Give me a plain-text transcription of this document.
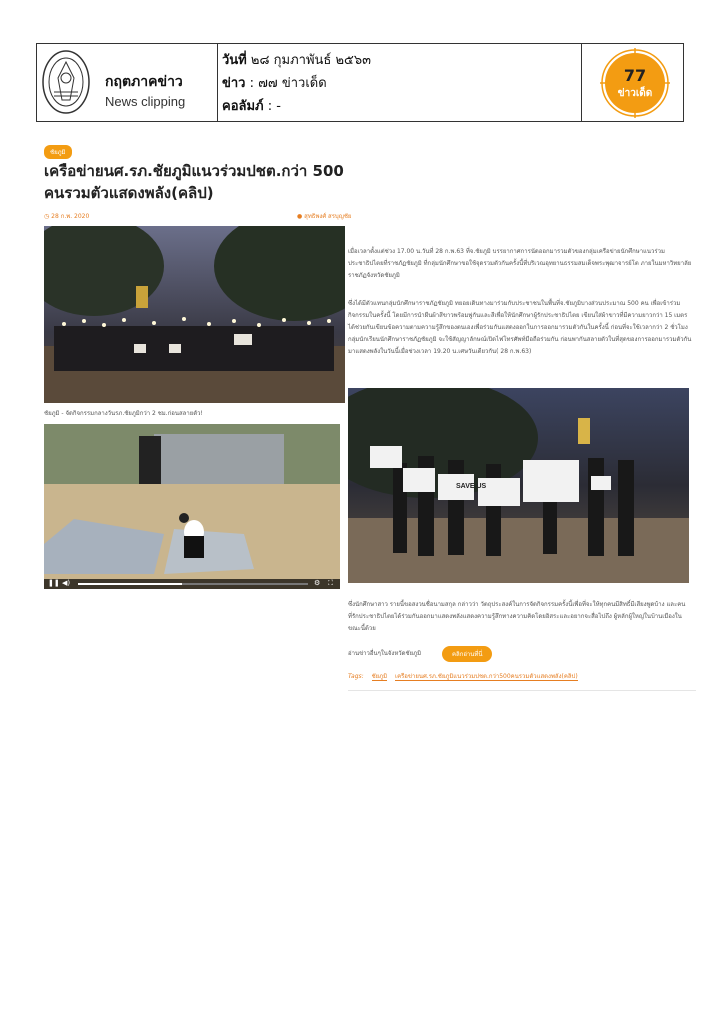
กฤตภาคข่าว
News clipping
วันที่ ๒๘ กุมภาพันธ์ ๒๕๖๓
ข่าว : ๗๗ ข่าวเด็ด
คอลัมภ์ : -
77
ข่าวเด็ด
ชัยภูมิ
เครือข่ายนศ.รภ.ชัยภูมิแนวร่วมปชต.กว่า 500 คนรวมตัวแสดงพลัง(คลิป)
◷ 28 ก.พ. 2020	● สุทธิพงศ์ สรบุญชัย
ชัยภูมิ - จัดกิจกรรมกลางวันรภ.ชัยภูมิกว่า 2 ชม.ก่อนสลายตัว!
❚❚ ◀)	⚙ ⛶
เมื่อเวลาตั้งแต่ช่วง 17.00 น.วันที่ 28 ก.พ.63 ที่จ.ชัยภูมิ บรรยากาศการนัดออกมารวมตัวของกลุ่มเครือข่ายนักศึกษาแนวร่วมประชาธิปไตยที่ราชภัฏชัยภูมิ ที่กลุ่มนักศึกษาขอใช้จุดรวมตัวกันครั้งนี้ที่บริเวณอุทยานธรรมสมเด็จพระพุฒาจารย์โต ภายในมหาวิทยาลัยราชภัฏจังหวัดชัยภูมิ
ซึ่งได้มีตัวแทนกลุ่มนักศึกษาราชภัฏชัยภูมิ ทยอยเดินทางมาร่วมกับประชาชนในพื้นที่จ.ชัยภูมิบางส่วนประมาณ 500 คน เพื่อเข้าร่วมกิจกรรมในครั้งนี้ โดยมีการนำผืนผ้าสีขาวพร้อมพู่กันและสีเพื่อให้นักศึกษาผู้รักประชาธิปไตย เขียนใส่ผ้าขาวที่มีความยาวกว่า 15 เมตร ได้ช่วยกันเขียนข้อความตามความรู้สึกของตนเองเพื่อร่วมกันแสดงออกในการออกมารวมตัวกันในครั้งนี้ ก่อนที่จะใช้เวลากว่า 2 ชั่วโมง กลุ่มนักเรียนนักศึกษาราชภัฏชัยภูมิ จะใช้สัญญาลักษณ์เปิดไฟโทรศัพท์มือถือร่วมกัน ก่อนพากันสลายตัวในที่สุดของการออกมารวมตัวกันมาแสดงพลังในวันนี้เมื่อช่วงเวลา 19.20 น.เศษวันเดียวกัน( 28 ก.พ.63)
SAVE US
ซึ่งนักศึกษาสาว รายนี้ขอสงวนชื่อนามสกุล กล่าวว่า วัตถุประสงค์ในการจัดกิจกรรมครั้งนี้เพื่อที่จะให้ทุกคนมีสิทธิ์มีเสียงพูดบ้าง และคนที่รักประชาธิปไตยได้ร่วมกันออกมาแสดงพลังแสดงความรู้สึกทางความคิดโดยอิสระและอยากจะสื่อไปถึง ผู้หลักผู้ใหญ่ในบ้านเมืองในขณะนี้ด้วย
อ่านข่าวอื่นๆในจังหวัดชัยภูมิ	คลิกอ่านที่นี่
Tags: ชัยภูมิ เครือข่ายนศ.รภ.ชัยภูมิแนวร่วมปชต.กว่า500คนรวมตัวแสดงพลัง(คลิป)
